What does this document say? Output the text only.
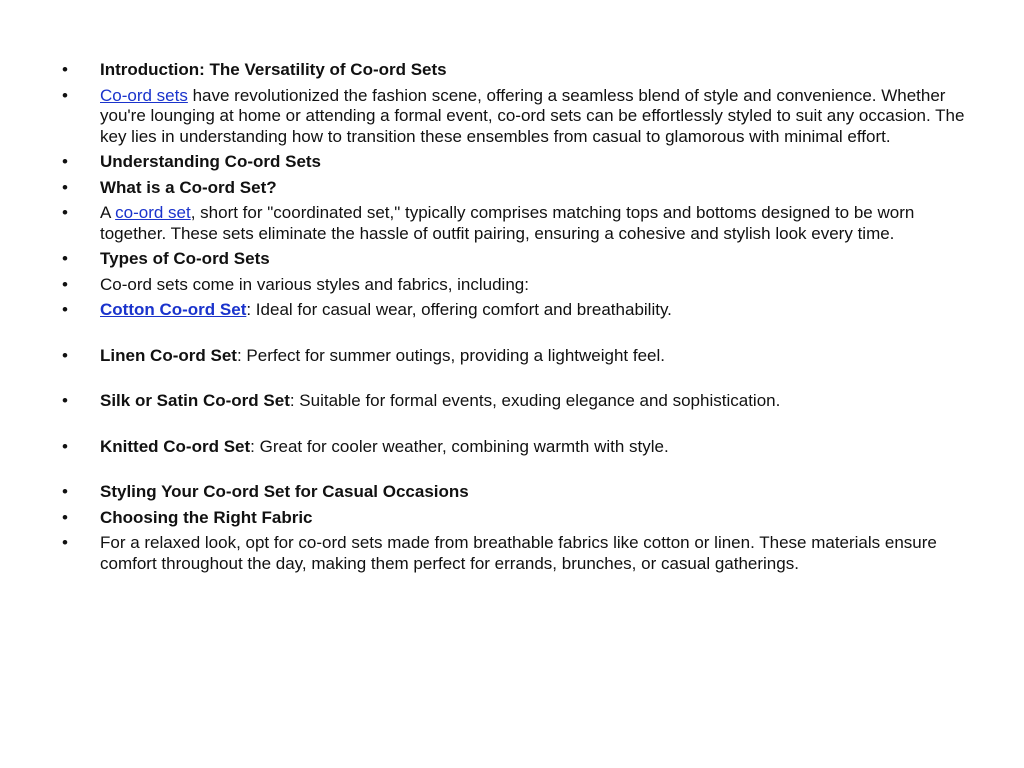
•	Introduction: The Versatility of Co-ord Sets
•	Co-ord sets have revolutionized the fashion scene, offering a seamless blend of style and convenience. Whether you're lounging at home or attending a formal event, co-ord sets can be effortlessly styled to suit any occasion. The key lies in understanding how to transition these ensembles from casual to glamorous with minimal effort.
•	Understanding Co-ord Sets
•	What is a Co-ord Set?
•	A co-ord set, short for "coordinated set," typically comprises matching tops and bottoms designed to be worn together. These sets eliminate the hassle of outfit pairing, ensuring a cohesive and stylish look every time.
•	Types of Co-ord Sets
•	Co-ord sets come in various styles and fabrics, including:
•	Cotton Co-ord Set: Ideal for casual wear, offering comfort and breathability.
•	Linen Co-ord Set: Perfect for summer outings, providing a lightweight feel.
•	Silk or Satin Co-ord Set: Suitable for formal events, exuding elegance and sophistication.
•	Knitted Co-ord Set: Great for cooler weather, combining warmth with style.
•	Styling Your Co-ord Set for Casual Occasions
•	Choosing the Right Fabric
•	For a relaxed look, opt for co-ord sets made from breathable fabrics like cotton or linen. These materials ensure comfort throughout the day, making them perfect for errands, brunches, or casual gatherings.
